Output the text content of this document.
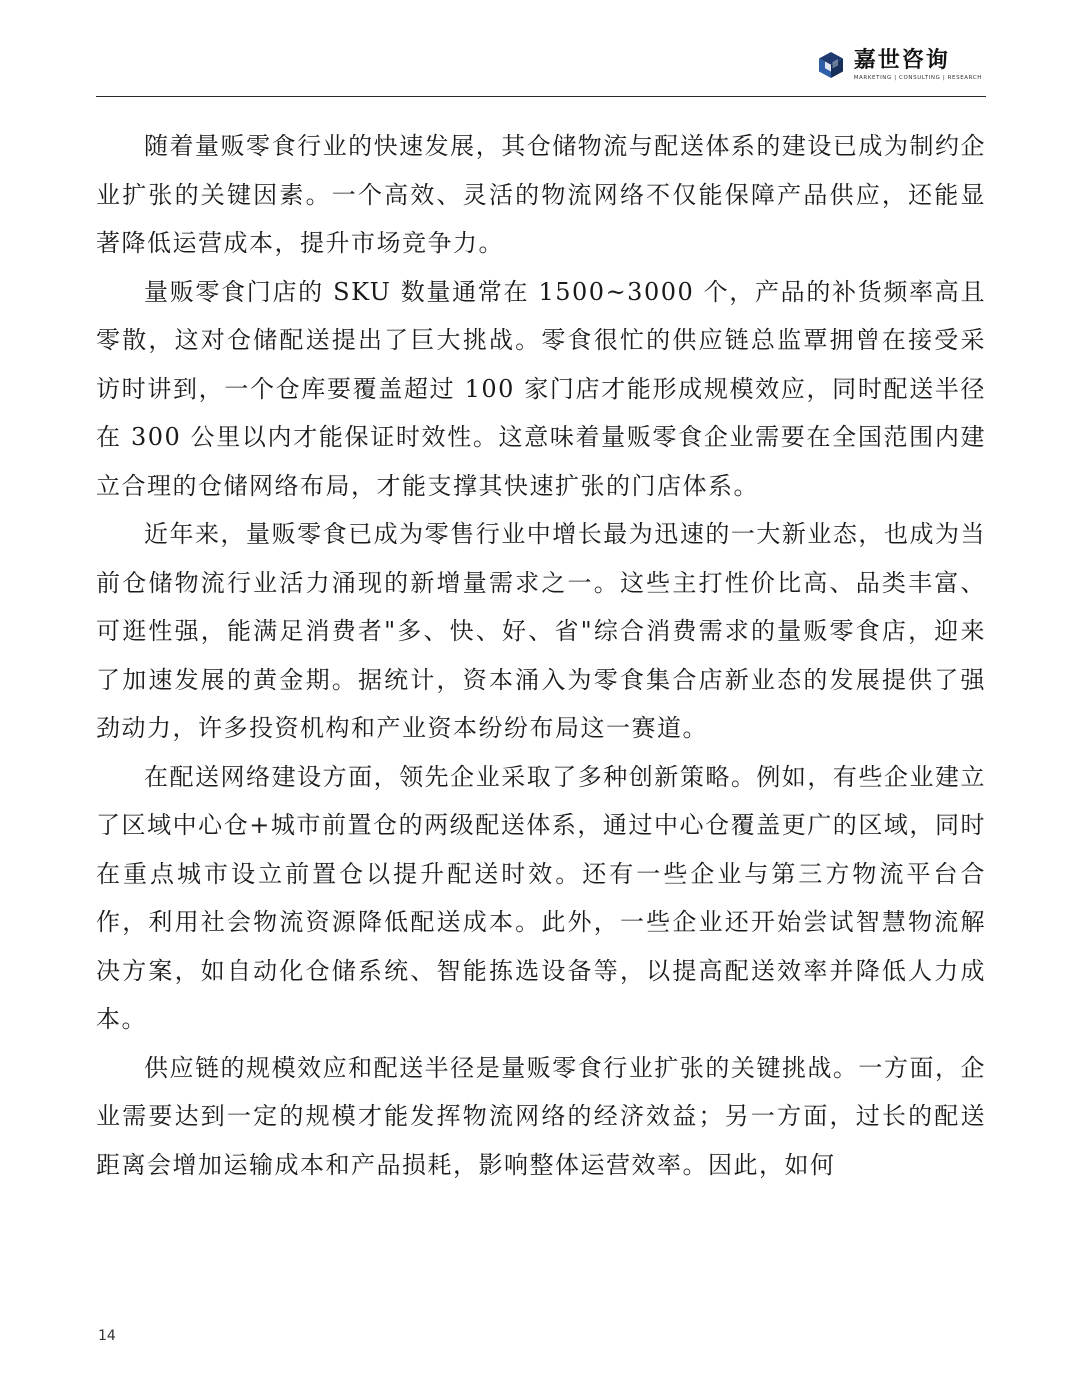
嘉世咨询
MARKETING | CONSULTING | RESEARCH

随着量贩零食行业的快速发展，其仓储物流与配送体系的建设已成为制约企业扩张的关键因素。一个高效、灵活的物流网络不仅能保障产品供应，还能显著降低运营成本，提升市场竞争力。

量贩零食门店的 SKU 数量通常在 1500~3000 个，产品的补货频率高且零散，这对仓储配送提出了巨大挑战。零食很忙的供应链总监覃拥曾在接受采访时讲到，一个仓库要覆盖超过 100 家门店才能形成规模效应，同时配送半径在 300 公里以内才能保证时效性。这意味着量贩零食企业需要在全国范围内建立合理的仓储网络布局，才能支撑其快速扩张的门店体系。

近年来，量贩零食已成为零售行业中增长最为迅速的一大新业态，也成为当前仓储物流行业活力涌现的新增量需求之一。这些主打性价比高、品类丰富、可逛性强，能满足消费者"多、快、好、省"综合消费需求的量贩零食店，迎来了加速发展的黄金期。据统计，资本涌入为零食集合店新业态的发展提供了强劲动力，许多投资机构和产业资本纷纷布局这一赛道。

在配送网络建设方面，领先企业采取了多种创新策略。例如，有些企业建立了区域中心仓+城市前置仓的两级配送体系，通过中心仓覆盖更广的区域，同时在重点城市设立前置仓以提升配送时效。还有一些企业与第三方物流平台合作，利用社会物流资源降低配送成本。此外，一些企业还开始尝试智慧物流解决方案，如自动化仓储系统、智能拣选设备等，以提高配送效率并降低人力成本。

供应链的规模效应和配送半径是量贩零食行业扩张的关键挑战。一方面，企业需要达到一定的规模才能发挥物流网络的经济效益；另一方面，过长的配送距离会增加运输成本和产品损耗，影响整体运营效率。因此，如何

14
